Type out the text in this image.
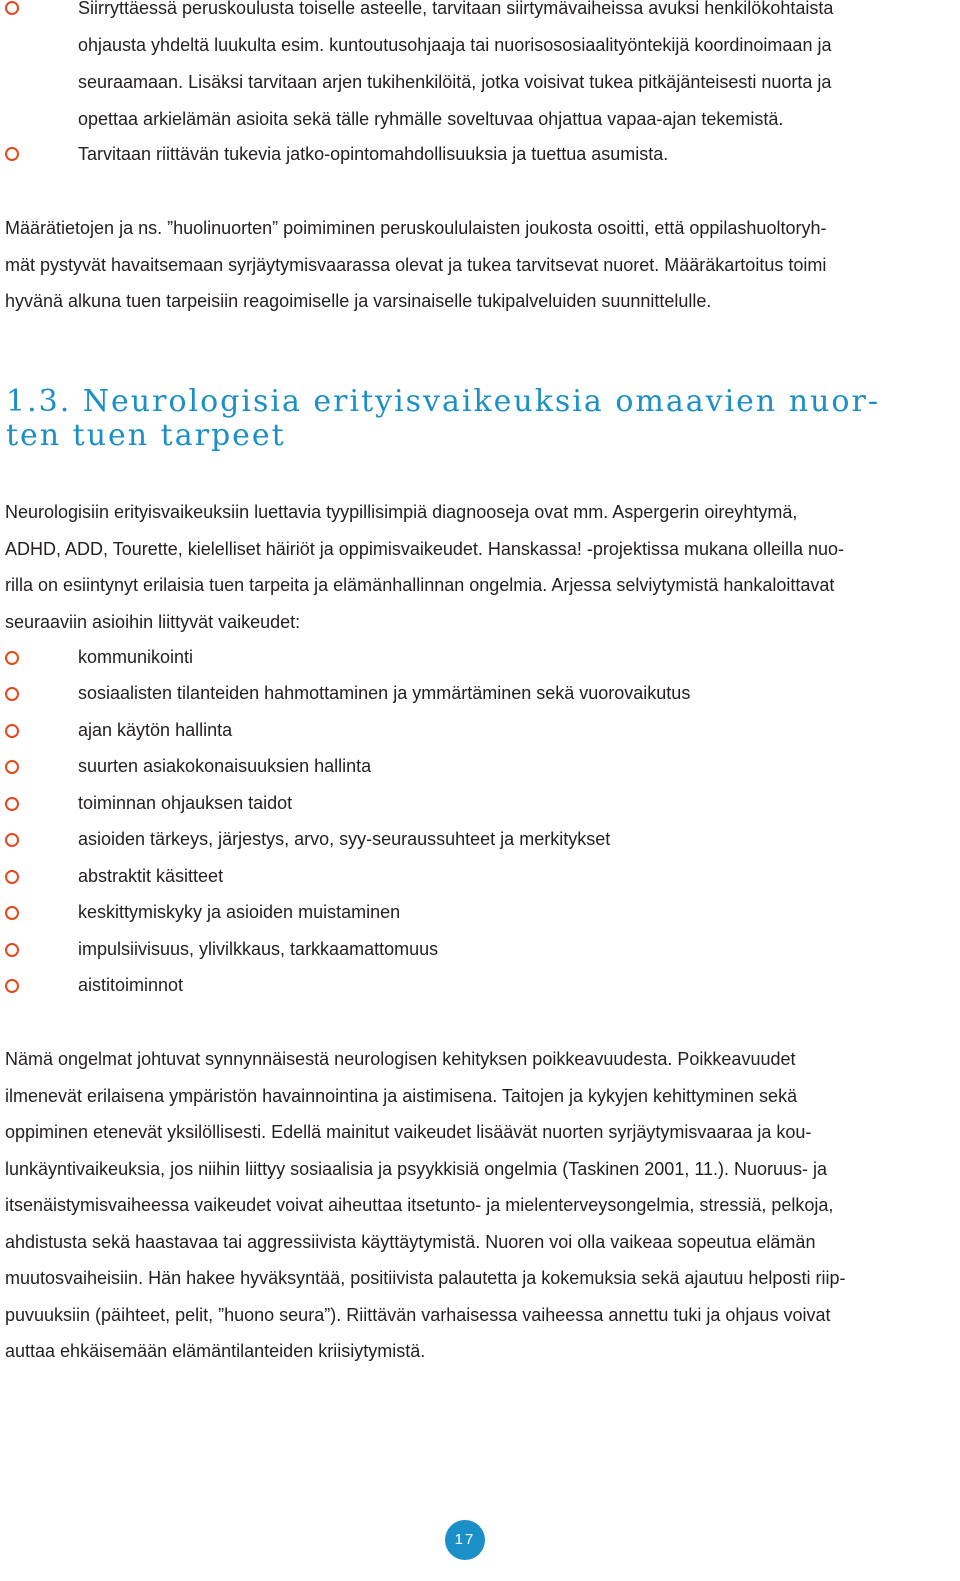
Siirryttäessä peruskoulusta toiselle asteelle, tarvitaan siirtymävaiheissa avuksi henkilökohtaista
ohjausta yhdeltä luukulta esim. kuntoutusohjaaja tai nuorisososiaalityöntekijä koordinoimaan ja
seuraamaan. Lisäksi tarvitaan arjen tukihenkilöitä, jotka voisivat tukea pitkäjänteisesti nuorta ja
opettaa arkielämän asioita sekä tälle ryhmälle soveltuvaa ohjattua vapaa-ajan tekemistä.
Tarvitaan riittävän tukevia jatko-opintomahdollisuuksia ja tuettua asumista.

Määrätietojen ja ns. ”huolinuorten” poimiminen peruskoululaisten joukosta osoitti, että oppilashuoltoryh-
mät pystyvät havaitsemaan syrjäytymisvaarassa olevat ja tukea tarvitsevat nuoret. Määräkartoitus toimi
hyvänä alkuna tuen tarpeisiin reagoimiselle ja varsinaiselle tukipalveluiden suunnittelulle.

1.3. Neurologisia erityisvaikeuksia omaavien nuor-
ten tuen tarpeet

Neurologisiin erityisvaikeuksiin luettavia tyypillisimpiä diagnooseja ovat mm. Aspergerin oireyhtymä,
ADHD, ADD, Tourette, kielelliset häiriöt ja oppimisvaikeudet. Hanskassa! -projektissa mukana olleilla nuo-
rilla on esiintynyt erilaisia tuen tarpeita ja elämänhallinnan ongelmia. Arjessa selviytymistä hankaloittavat
seuraaviin asioihin liittyvät vaikeudet:

kommunikointi
sosiaalisten tilanteiden hahmottaminen ja ymmärtäminen sekä vuorovaikutus
ajan käytön hallinta
suurten asiakokonaisuuksien hallinta
toiminnan ohjauksen taidot
asioiden tärkeys, järjestys, arvo, syy-seuraussuhteet ja merkitykset
abstraktit käsitteet
keskittymiskyky ja asioiden muistaminen
impulsiivisuus, ylivilkkaus, tarkkaamattomuus
aistitoiminnot

Nämä ongelmat johtuvat synnynnäisestä neurologisen kehityksen poikkeavuudesta. Poikkeavuudet
ilmenevät erilaisena ympäristön havainnointina ja aistimisena. Taitojen ja kykyjen kehittyminen sekä
oppiminen etenevät yksilöllisesti. Edellä mainitut vaikeudet lisäävät nuorten syrjäytymisvaaraa ja kou-
lunkäyntivaikeuksia, jos niihin liittyy sosiaalisia ja psyykkisiä ongelmia (Taskinen 2001, 11.). Nuoruus- ja
itsenäistymisvaiheessa vaikeudet voivat aiheuttaa itsetunto- ja mielenterveysongelmia, stressiä, pelkoja,
ahdistusta sekä haastavaa tai aggressiivista käyttäytymistä. Nuoren voi olla vaikeaa sopeutua elämän
muutosvaiheisiin. Hän hakee hyväksyntää, positiivista palautetta ja kokemuksia sekä ajautuu helposti riip-
puvuuksiin (päihteet, pelit, ”huono seura”). Riittävän varhaisessa vaiheessa annettu tuki ja ohjaus voivat
auttaa ehkäisemään elämäntilanteiden kriisiytymistä.

17
